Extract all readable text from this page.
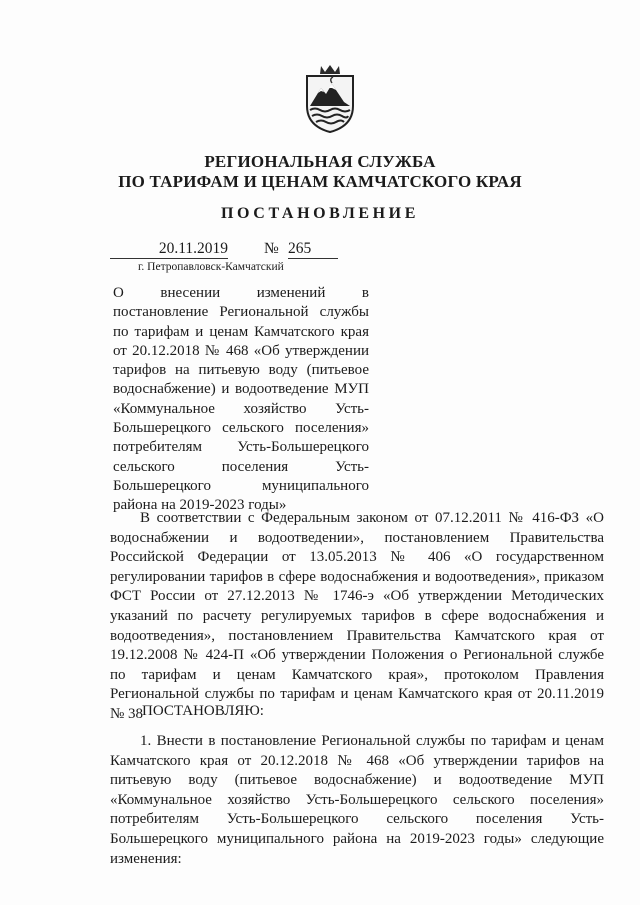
РЕГИОНАЛЬНАЯ СЛУЖБА
ПО ТАРИФАМ И ЦЕНАМ КАМЧАТСКОГО КРАЯ
ПОСТАНОВЛЕНИЕ
20.11.2019 № 265
г. Петропавловск-Камчатский
О внесении изменений в постановление Региональной службы по тарифам и ценам Камчатского края от 20.12.2018 № 468 «Об утверждении тарифов на питьевую воду (питьевое водоснабжение) и водоотведение МУП «Коммунальное хозяйство Усть-Большерецкого сельского поселения» потребителям Усть-Большерецкого сельского поселения Усть-Большерецкого муниципального района на 2019-2023 годы»
В соответствии с Федеральным законом от 07.12.2011 № 416-ФЗ «О водоснабжении и водоотведении», постановлением Правительства Российской Федерации от 13.05.2013 № 406 «О государственном регулировании тарифов в сфере водоснабжения и водоотведения», приказом ФСТ России от 27.12.2013 № 1746-э «Об утверждении Методических указаний по расчету регулируемых тарифов в сфере водоснабжения и водоотведения», постановлением Правительства Камчатского края от 19.12.2008 № 424-П «Об утверждении Положения о Региональной службе по тарифам и ценам Камчатского края», протоколом Правления Региональной службы по тарифам и ценам Камчатского края от 20.11.2019 № 38
ПОСТАНОВЛЯЮ:
1. Внести в постановление Региональной службы по тарифам и ценам Камчатского края от 20.12.2018 № 468 «Об утверждении тарифов на питьевую воду (питьевое водоснабжение) и водоотведение МУП «Коммунальное хозяйство Усть-Большерецкого сельского поселения» потребителям Усть-Большерецкого сельского поселения Усть-Большерецкого муниципального района на 2019-2023 годы» следующие изменения:
